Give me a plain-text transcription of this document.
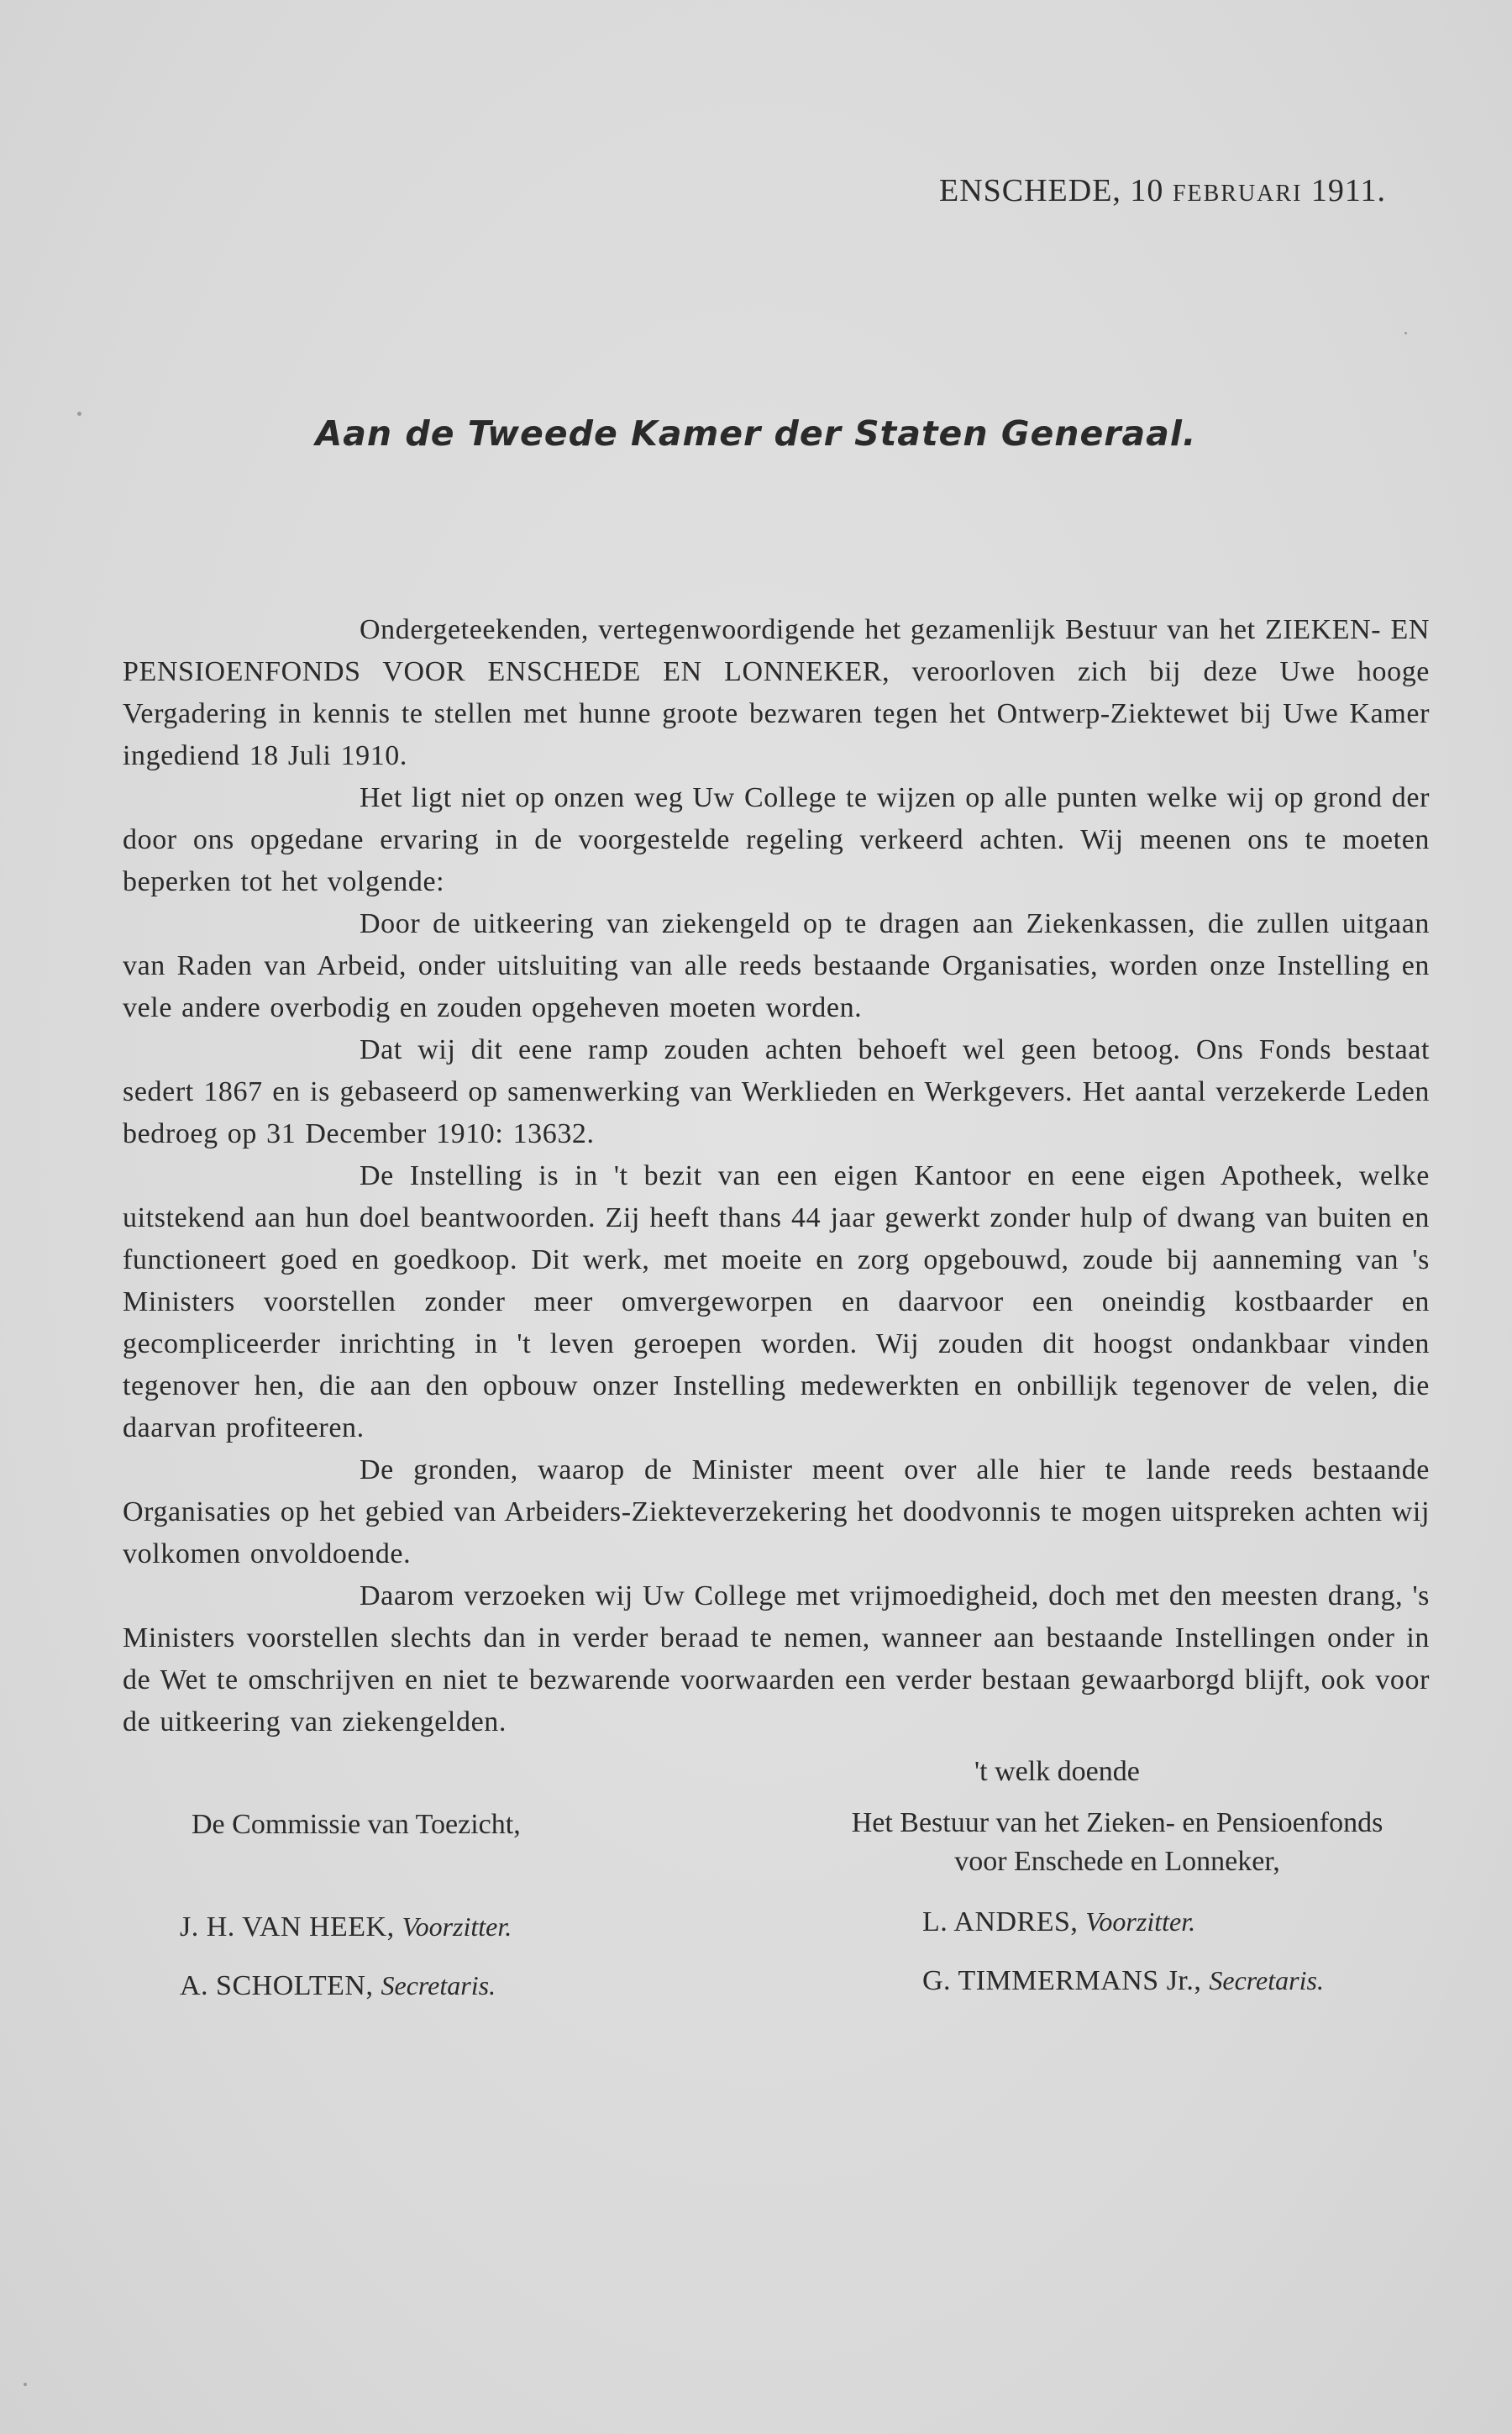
ENSCHEDE, 10 FEBRUARI 1911.
Aan de Tweede Kamer der Staten Generaal.

Ondergeteekenden, vertegenwoordigende het gezamenlijk Bestuur van het ZIEKEN- EN PENSIOENFONDS VOOR ENSCHEDE EN LONNEKER, veroorloven zich bij deze Uwe hooge Vergadering in kennis te stellen met hunne groote bezwaren tegen het Ontwerp-Ziektewet bij Uwe Kamer ingediend 18 Juli 1910.

Het ligt niet op onzen weg Uw College te wijzen op alle punten welke wij op grond der door ons opgedane ervaring in de voorgestelde regeling verkeerd achten. Wij meenen ons te moeten beperken tot het volgende:

Door de uitkeering van ziekengeld op te dragen aan Ziekenkassen, die zullen uitgaan van Raden van Arbeid, onder uitsluiting van alle reeds bestaande Organisaties, worden onze Instelling en vele andere overbodig en zouden opgeheven moeten worden.

Dat wij dit eene ramp zouden achten behoeft wel geen betoog. Ons Fonds bestaat sedert 1867 en is gebaseerd op samenwerking van Werklieden en Werkgevers. Het aantal verzekerde Leden bedroeg op 31 December 1910: 13632.

De Instelling is in 't bezit van een eigen Kantoor en eene eigen Apotheek, welke uitstekend aan hun doel beantwoorden. Zij heeft thans 44 jaar gewerkt zonder hulp of dwang van buiten en functioneert goed en goedkoop. Dit werk, met moeite en zorg opgebouwd, zoude bij aanneming van 's Ministers voorstellen zonder meer omvergeworpen en daarvoor een oneindig kostbaarder en gecompliceerder inrichting in 't leven geroepen worden. Wij zouden dit hoogst ondankbaar vinden tegenover hen, die aan den opbouw onzer Instelling medewerkten en onbillijk tegenover de velen, die daarvan profiteeren.

De gronden, waarop de Minister meent over alle hier te lande reeds bestaande Organisaties op het gebied van Arbeiders-Ziekteverzekering het doodvonnis te mogen uitspreken achten wij volkomen onvoldoende.

Daarom verzoeken wij Uw College met vrijmoedigheid, doch met den meesten drang, 's Ministers voorstellen slechts dan in verder beraad te nemen, wanneer aan bestaande Instellingen onder in de Wet te omschrijven en niet te bezwarende voorwaarden een verder bestaan gewaarborgd blijft, ook voor de uitkeering van ziekengelden.

't welk doende
De Commissie van Toezicht,	Het Bestuur van het Zieken- en Pensioenfonds
voor Enschede en Lonneker,
J. H. VAN HEEK, Voorzitter.
A. SCHOLTEN, Secretaris.
L. ANDRES, Voorzitter.
G. TIMMERMANS Jr., Secretaris.
